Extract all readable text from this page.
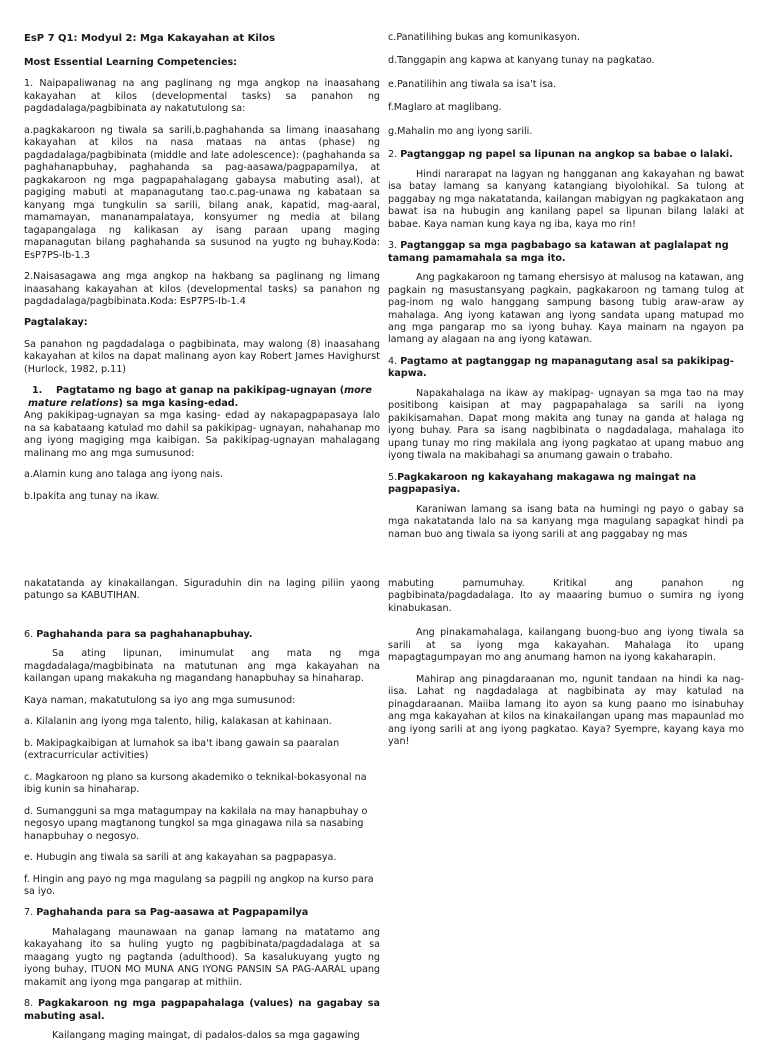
EsP 7 Q1: Modyul 2: Mga Kakayahan at Kilos

Most Essential Learning Competencies:

1. Naipapaliwanag na ang paglinang ng mga angkop na inaasahang kakayahan at kilos (developmental tasks) sa panahon ng pagdadalaga/pagbibinata ay nakatutulong sa:

a.pagkakaroon ng tiwala sa sarili,b.paghahanda sa limang inaasahang kakayahan at kilos na nasa mataas na antas (phase) ng pagdadalaga/pagbibinata (middle and late adolescence): (paghahanda sa paghahanapbuhay, paghahanda sa pag-aasawa/pagpapamilya, at pagkakaroon ng mga pagpapahalagang gabaysa mabuting asal), at pagiging mabuti at mapanagutang tao.c.pag-unawa ng kabataan sa kanyang mga tungkulin sa sarili, bilang anak, kapatid, mag-aaral, mamamayan, mananampalataya, konsyumer ng media at bilang tagapangalaga ng kalikasan ay isang paraan upang maging mapanagutan bilang paghahanda sa susunod na yugto ng buhay.Koda: EsP7PS-Ib-1.3

2.Naisasagawa ang mga angkop na hakbang sa paglinang ng limang inaasahang kakayahan at kilos (developmental tasks) sa panahon ng pagdadalaga/pagbibinata.Koda: EsP7PS-Ib-1.4

Pagtalakay:

Sa panahon ng pagdadalaga o pagbibinata, may walong (8) inaasahang kakayahan at kilos na dapat malinang ayon kay Robert James Havighurst (Hurlock, 1982, p.11)

1. Pagtatamo ng bago at ganap na pakikipag-ugnayan (more mature relations) sa mga kasing-edad.

Ang pakikipag-ugnayan sa mga kasing- edad ay nakapagpapasaya lalo na sa kabataang katulad mo dahil sa pakikipag- ugnayan, nahahanap mo ang iyong magiging mga kaibigan. Sa pakikipag-ugnayan mahalagang malinang mo ang mga sumusunod:

a.Alamin kung ano talaga ang iyong nais.

b.Ipakita ang tunay na ikaw.

c.Panatilihing bukas ang komunikasyon.

d.Tanggapin ang kapwa at kanyang tunay na pagkatao.

e.Panatilihin ang tiwala sa isa't isa.

f.Maglaro at maglibang.

g.Mahalin mo ang iyong sarili.

2. Pagtanggap ng papel sa lipunan na angkop sa babae o lalaki.

Hindi nararapat na lagyan ng hangganan ang kakayahan ng bawat isa batay lamang sa kanyang katangiang biyolohikal. Sa tulong at paggabay ng mga nakatatanda, kailangan mabigyan ng pagkakataon ang bawat isa na hubugin ang kanilang papel sa lipunan bilang lalaki at babae. Kaya naman kung kaya ng iba, kaya mo rin!

3. Pagtanggap sa mga pagbabago sa katawan at paglalapat ng tamang pamamahala sa mga ito.

Ang pagkakaroon ng tamang ehersisyo at malusog na katawan, ang pagkain ng masustansyang pagkain, pagkakaroon ng tamang tulog at pag-inom ng walo hanggang sampung basong tubig araw-araw ay mahalaga. Ang iyong katawan ang iyong sandata upang matupad mo ang mga pangarap mo sa iyong buhay. Kaya mainam na ngayon pa lamang ay alagaan na ang iyong katawan.

4. Pagtamo at pagtanggap ng mapanagutang asal sa pakikipag-kapwa.

Napakahalaga na ikaw ay makipag- ugnayan sa mga tao na may positibong kaisipan at may pagpapahalaga sa sarili na iyong pakikisamahan. Dapat mong makita ang tunay na ganda at halaga ng iyong buhay. Para sa isang nagbibinata o nagdadalaga, mahalaga ito upang tunay mo ring makilala ang iyong pagkatao at upang mabuo ang iyong tiwala na makibahagi sa anumang gawain o trabaho.

5.Pagkakaroon ng kakayahang makagawa ng maingat na pagpapasiya.

Karaniwan lamang sa isang bata na humingi ng payo o gabay sa mga nakatatanda lalo na sa kanyang mga magulang sapagkat hindi pa naman buo ang tiwala sa iyong sarili at ang paggabay ng mas

nakatatanda ay kinakailangan. Siguraduhin din na laging piliin yaong patungo sa KABUTIHAN.

6. Paghahanda para sa paghahanapbuhay.

Sa ating lipunan, iminumulat ang mata ng mga magdadalaga/magbibinata na matutunan ang mga kakayahan na kailangan upang makakuha ng magandang hanapbuhay sa hinaharap.

Kaya naman, makatutulong sa iyo ang mga sumusunod:

a. Kilalanin ang iyong mga talento, hilig, kalakasan at kahinaan.

b. Makipagkaibigan at lumahok sa iba't ibang gawain sa paaralan (extracurricular activities)

c. Magkaroon ng plano sa kursong akademiko o teknikal-bokasyonal na ibig kunin sa hinaharap.

d. Sumangguni sa mga matagumpay na kakilala na may hanapbuhay o negosyo upang magtanong tungkol sa mga ginagawa nila sa nasabing hanapbuhay o negosyo.

e. Hubugin ang tiwala sa sarili at ang kakayahan sa pagpapasya.

f. Hingin ang payo ng mga magulang sa pagpili ng angkop na kurso para sa iyo.

7. Paghahanda para sa Pag-aasawa at Pagpapamilya

Mahalagang maunawaan na ganap lamang na matatamo ang kakayahang ito sa huling yugto ng pagbibinata/pagdadalaga at sa maagang yugto ng pagtanda (adulthood). Sa kasalukuyang yugto ng iyong buhay, ITUON MO MUNA ANG IYONG PANSIN SA PAG-AARAL upang makamit ang iyong mga pangarap at mithiin.

8. Pagkakaroon ng mga pagpapahalaga (values) na gagabay sa mabuting asal.

Kailangang maging maingat, di padalos-dalos sa mga gagawing

mabuting pamumuhay. Kritikal ang panahon ng pagbibinata/pagdadalaga. Ito ay maaaring bumuo o sumira ng iyong kinabukasan.

Ang pinakamahalaga, kailangang buong-buo ang iyong tiwala sa sarili at sa iyong mga kakayahan. Mahalaga ito upang mapagtagumpayan mo ang anumang hamon na iyong kakaharapin.

Mahirap ang pinagdaraanan mo, ngunit tandaan na hindi ka nag-iisa. Lahat ng nagdadalaga at nagbibinata ay may katulad na pinagdaraanan. Maiiba lamang ito ayon sa kung paano mo isinabuhay ang mga kakayahan at kilos na kinakailangan upang mas mapaunlad mo ang iyong sarili at ang iyong pagkatao. Kaya? Syempre, kayang kaya mo yan!
